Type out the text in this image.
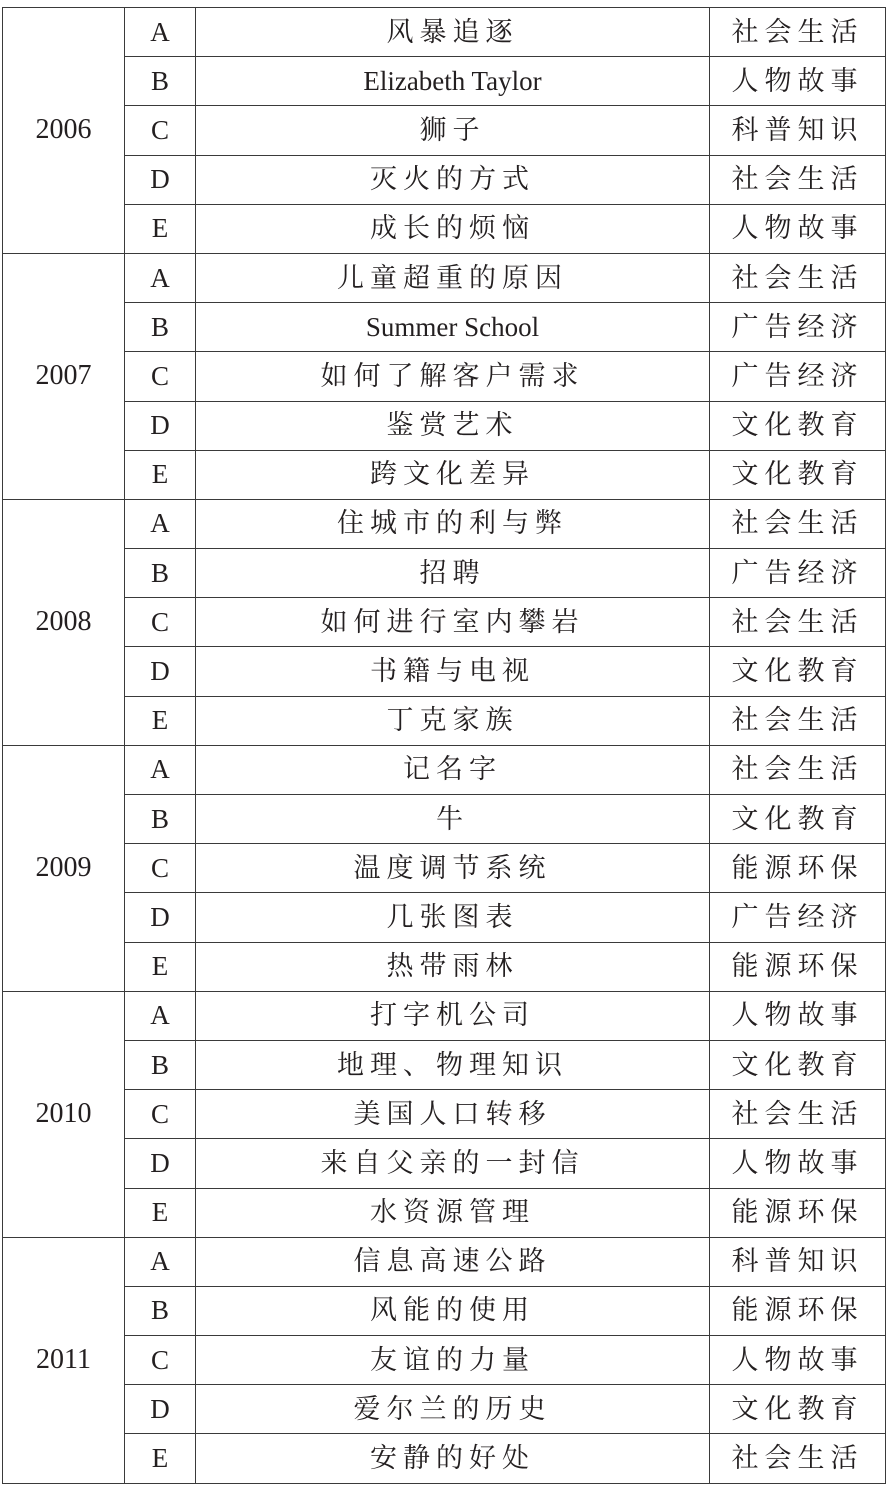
2006	A	风暴追逐	社会生活
	B	Elizabeth Taylor	人物故事
	C	狮子	科普知识
	D	灭火的方式	社会生活
	E	成长的烦恼	人物故事
2007	A	儿童超重的原因	社会生活
	B	Summer School	广告经济
	C	如何了解客户需求	广告经济
	D	鉴赏艺术	文化教育
	E	跨文化差异	文化教育
2008	A	住城市的利与弊	社会生活
	B	招聘	广告经济
	C	如何进行室内攀岩	社会生活
	D	书籍与电视	文化教育
	E	丁克家族	社会生活
2009	A	记名字	社会生活
	B	牛	文化教育
	C	温度调节系统	能源环保
	D	几张图表	广告经济
	E	热带雨林	能源环保
2010	A	打字机公司	人物故事
	B	地理、物理知识	文化教育
	C	美国人口转移	社会生活
	D	来自父亲的一封信	人物故事
	E	水资源管理	能源环保
2011	A	信息高速公路	科普知识
	B	风能的使用	能源环保
	C	友谊的力量	人物故事
	D	爱尔兰的历史	文化教育
	E	安静的好处	社会生活
